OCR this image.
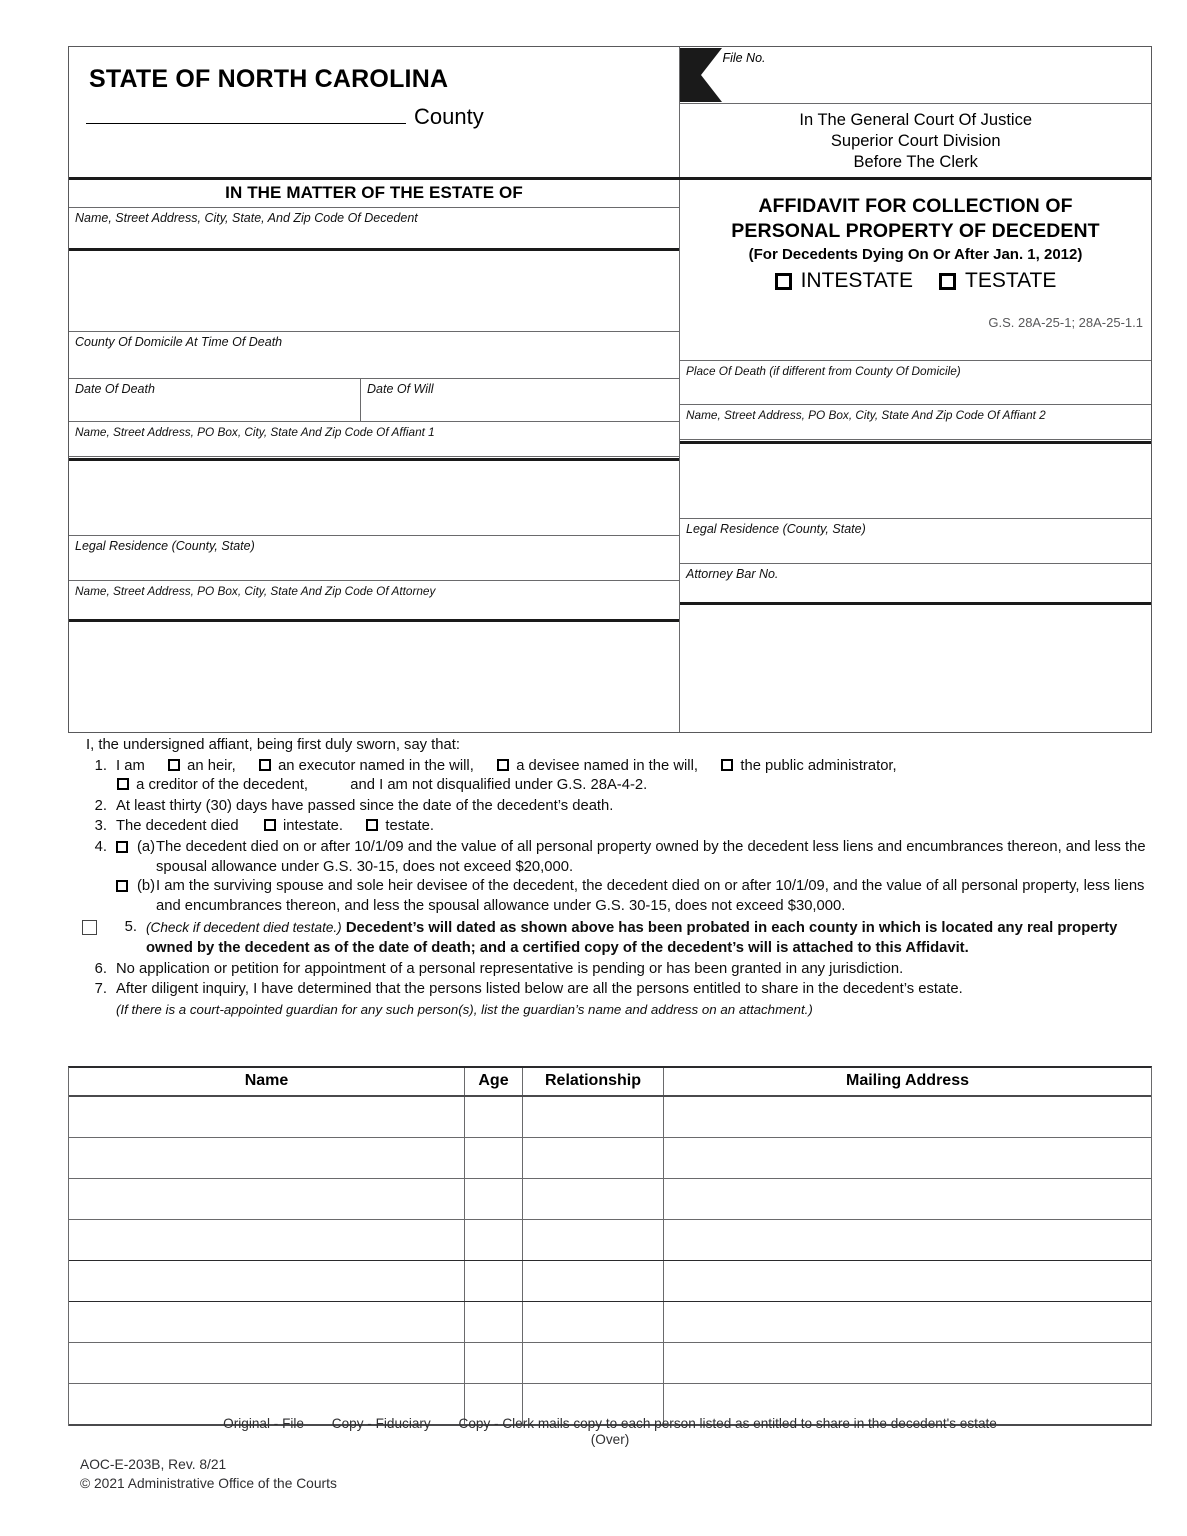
STATE OF NORTH CAROLINA
County
File No.
In The General Court Of Justice
Superior Court Division
Before The Clerk
IN THE MATTER OF THE ESTATE OF
Name, Street Address, City, State, And Zip Code Of Decedent
County Of Domicile At Time Of Death
Date Of Death	Date Of Will
Name, Street Address, PO Box, City, State And Zip Code Of Affiant 1
Legal Residence (County, State)
Name, Street Address, PO Box, City, State And Zip Code Of Attorney
AFFIDAVIT FOR COLLECTION OF
PERSONAL PROPERTY OF DECEDENT
(For Decedents Dying On Or After Jan. 1, 2012)
INTESTATE TESTATE
G.S. 28A-25-1; 28A-25-1.1
Place Of Death (if different from County Of Domicile)
Name, Street Address, PO Box, City, State And Zip Code Of Affiant 2
Legal Residence (County, State)
Attorney Bar No.
I, the undersigned affiant, being first duly sworn, say that:
1. I am	an heir,	an executor named in the will,	a devisee named in the will,	the public administrator,
a creditor of the decedent,	and I am not disqualified under G.S. 28A-4-2.
2. At least thirty (30) days have passed since the date of the decedent’s death.
3. The decedent died	intestate.	testate.
4.	(a) The decedent died on or after 10/1/09 and the value of all personal property owned by the decedent less liens and encumbrances thereon, and less the spousal allowance under G.S. 30-15, does not exceed $20,000.
(b) I am the surviving spouse and sole heir devisee of the decedent, the decedent died on or after 10/1/09, and the value of all personal property, less liens and encumbrances thereon, and less the spousal allowance under G.S. 30-15, does not exceed $30,000.
5. (Check if decedent died testate.) Decedent’s will dated as shown above has been probated in each county in which is located any real property owned by the decedent as of the date of death; and a certified copy of the decedent’s will is attached to this Affidavit.
6. No application or petition for appointment of a personal representative is pending or has been granted in any jurisdiction.
7. After diligent inquiry, I have determined that the persons listed below are all the persons entitled to share in the decedent’s estate.
(If there is a court-appointed guardian for any such person(s), list the guardian’s name and address on an attachment.)
Name	Age	Relationship	Mailing Address
Original - File Copy - Fiduciary Copy - Clerk mails copy to each person listed as entitled to share in the decedent's estate
(Over)
AOC-E-203B, Rev. 8/21
© 2021 Administrative Office of the Courts
